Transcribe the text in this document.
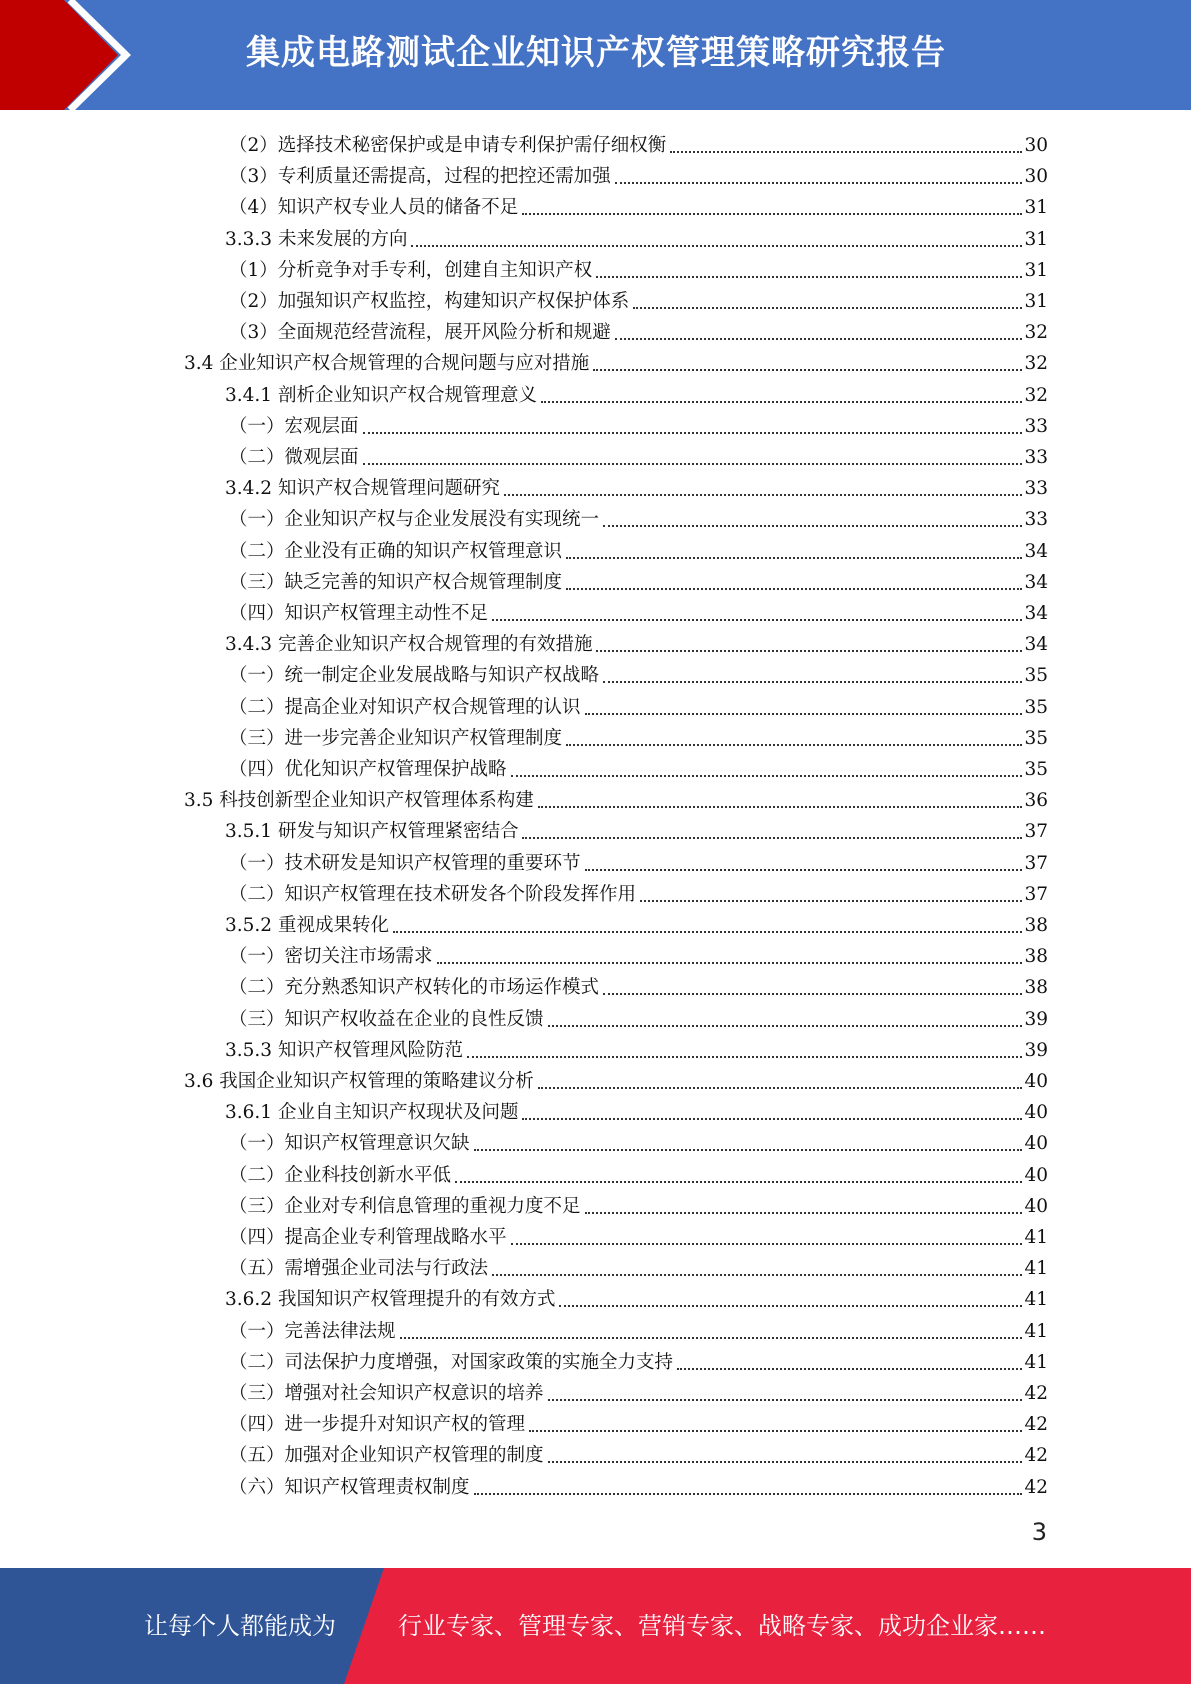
集成电路测试企业知识产权管理策略研究报告
（2）选择技术秘密保护或是申请专利保护需仔细权衡	30
（3）专利质量还需提高，过程的把控还需加强	30
（4）知识产权专业人员的储备不足	31
3.3.3 未来发展的方向	31
（1）分析竞争对手专利，创建自主知识产权	31
（2）加强知识产权监控，构建知识产权保护体系	31
（3）全面规范经营流程，展开风险分析和规避	32
3.4 企业知识产权合规管理的合规问题与应对措施	32
3.4.1 剖析企业知识产权合规管理意义	32
（一）宏观层面	33
（二）微观层面	33
3.4.2 知识产权合规管理问题研究	33
（一）企业知识产权与企业发展没有实现统一	33
（二）企业没有正确的知识产权管理意识	34
（三）缺乏完善的知识产权合规管理制度	34
（四）知识产权管理主动性不足	34
3.4.3 完善企业知识产权合规管理的有效措施	34
（一）统一制定企业发展战略与知识产权战略	35
（二）提高企业对知识产权合规管理的认识	35
（三）进一步完善企业知识产权管理制度	35
（四）优化知识产权管理保护战略	35
3.5 科技创新型企业知识产权管理体系构建	36
3.5.1 研发与知识产权管理紧密结合	37
（一）技术研发是知识产权管理的重要环节	37
（二）知识产权管理在技术研发各个阶段发挥作用	37
3.5.2 重视成果转化	38
（一）密切关注市场需求	38
（二）充分熟悉知识产权转化的市场运作模式	38
（三）知识产权收益在企业的良性反馈	39
3.5.3 知识产权管理风险防范	39
3.6 我国企业知识产权管理的策略建议分析	40
3.6.1 企业自主知识产权现状及问题	40
（一）知识产权管理意识欠缺	40
（二）企业科技创新水平低	40
（三）企业对专利信息管理的重视力度不足	40
（四）提高企业专利管理战略水平	41
（五）需增强企业司法与行政法	41
3.6.2 我国知识产权管理提升的有效方式	41
（一）完善法律法规	41
（二）司法保护力度增强，对国家政策的实施全力支持	41
（三）增强对社会知识产权意识的培养	42
（四）进一步提升对知识产权的管理	42
（五）加强对企业知识产权管理的制度	42
（六）知识产权管理责权制度	42
3
让每个人都能成为	行业专家、管理专家、营销专家、战略专家、成功企业家……
